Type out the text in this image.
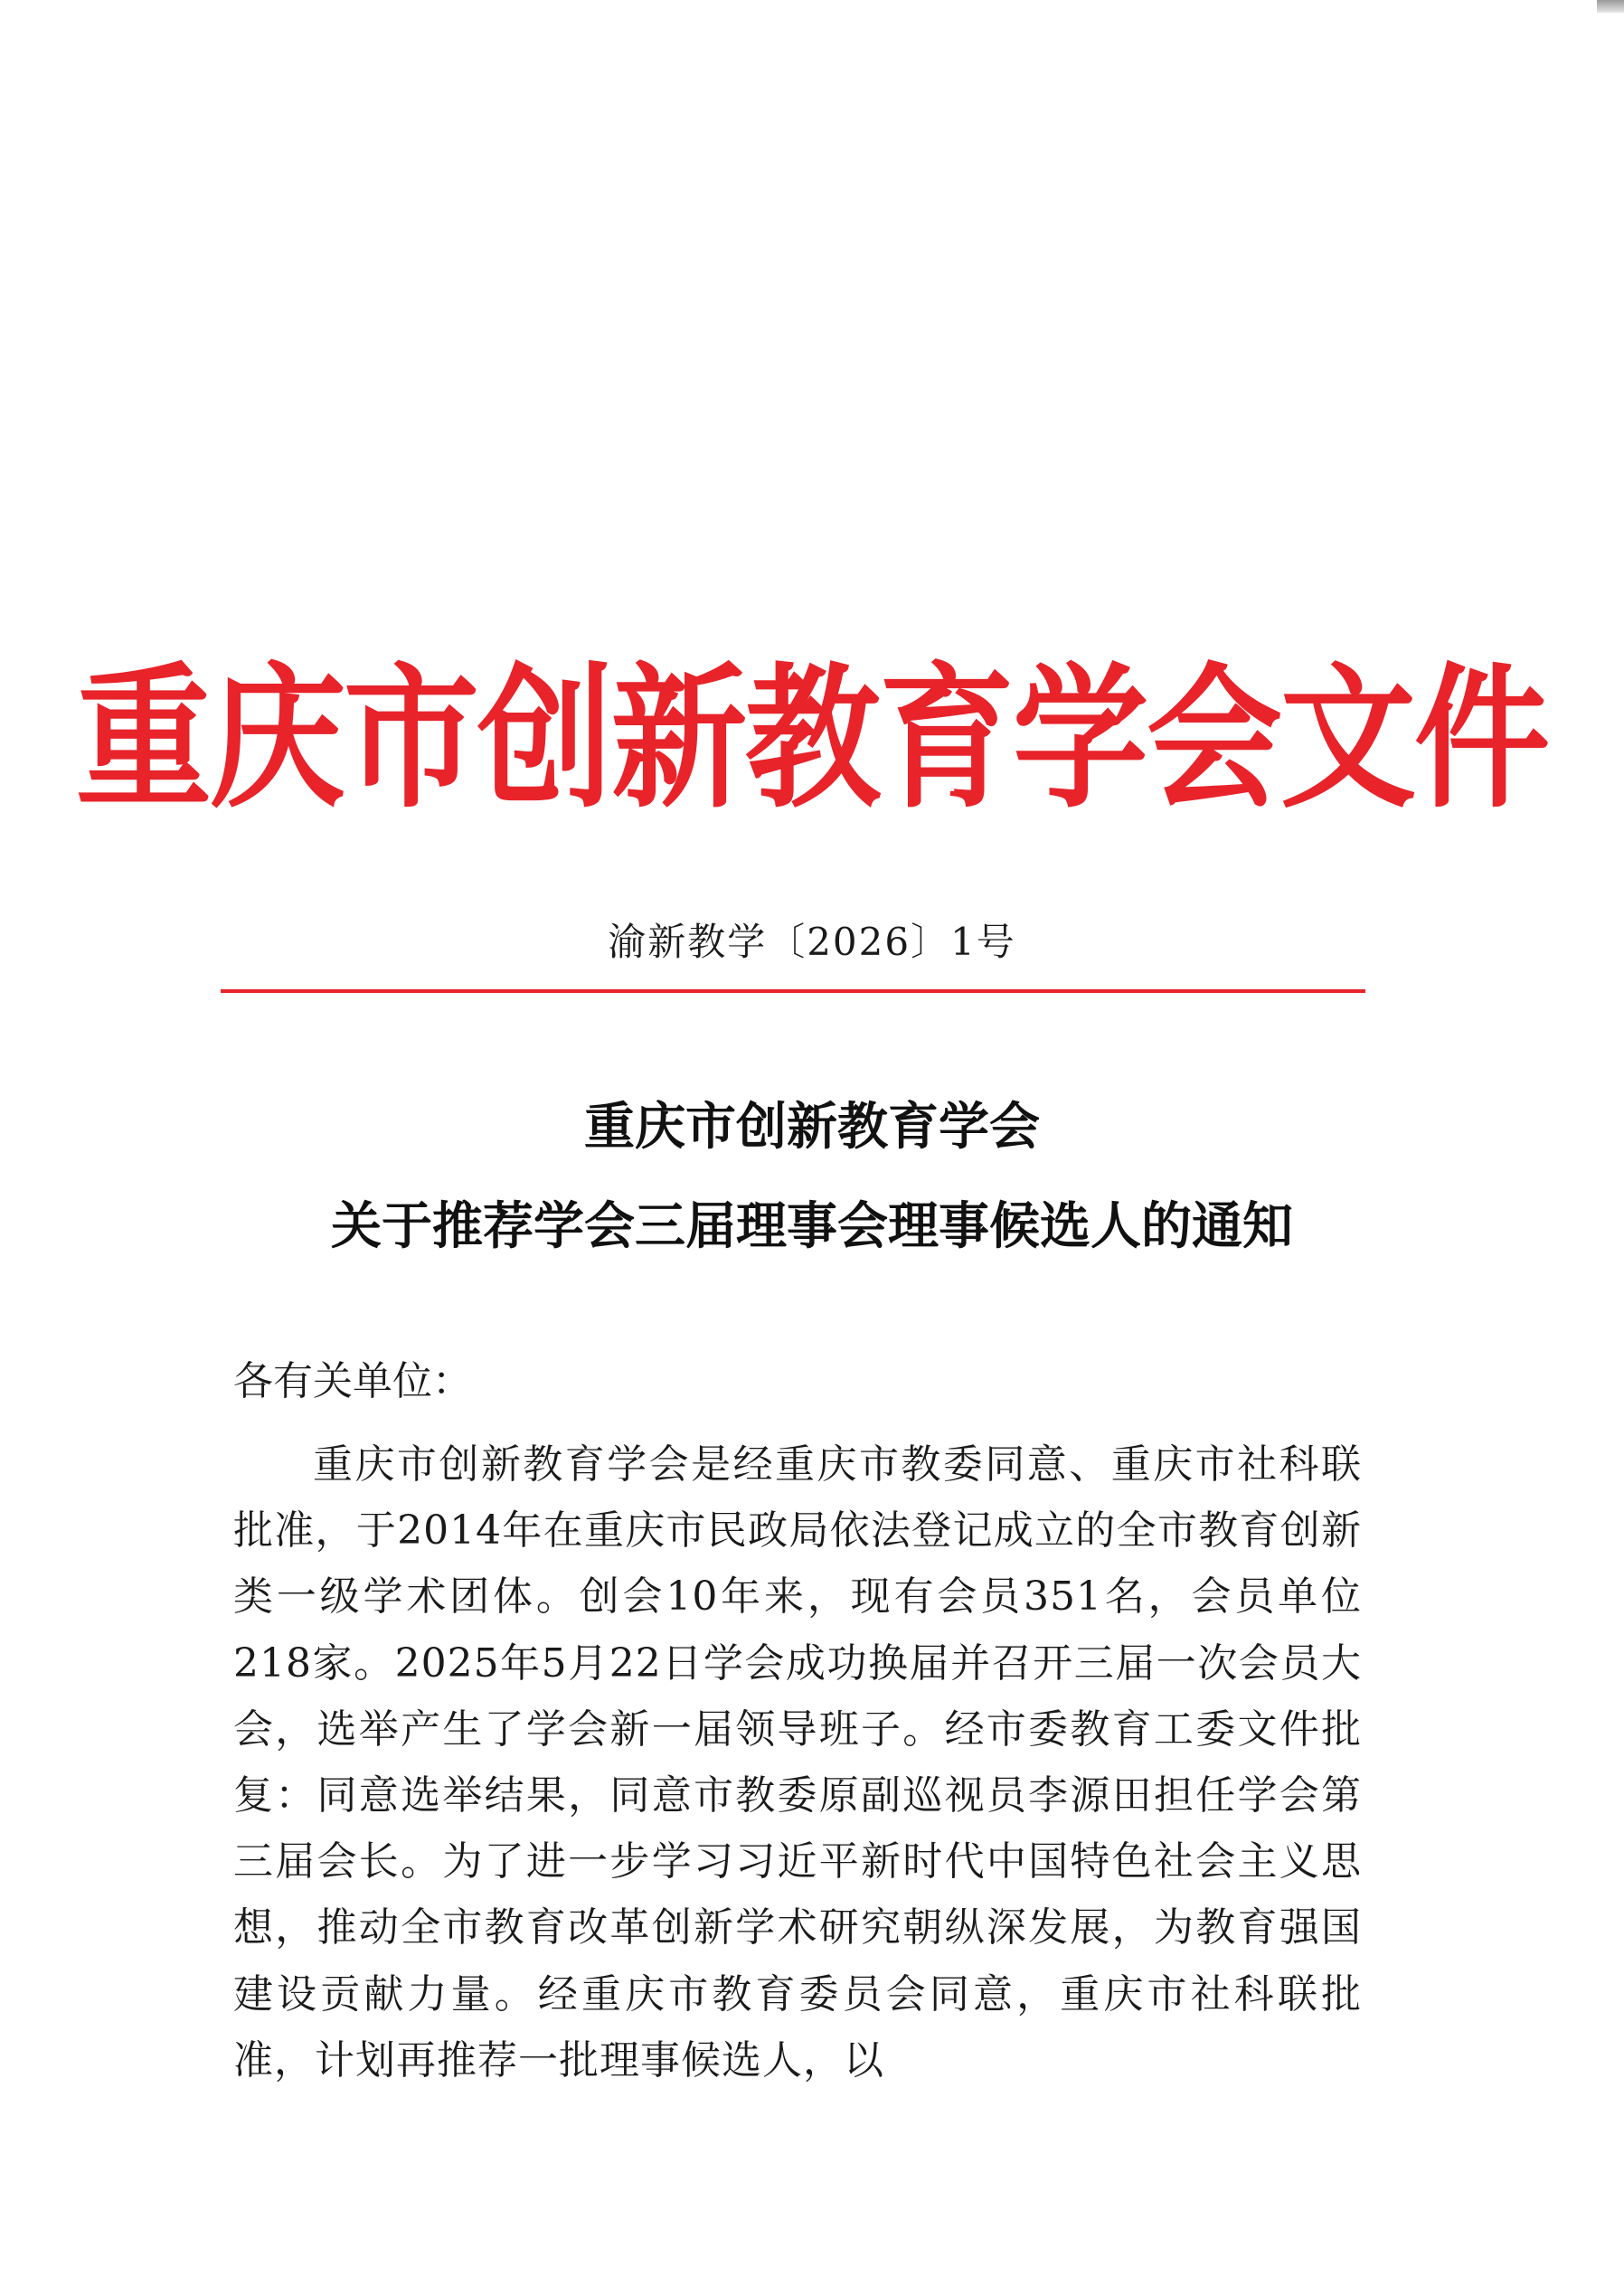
重庆市创新教育学会文件
渝新教学〔2026〕1号
重庆市创新教育学会
关于推荐学会三届理事会理事候选人的通知
各有关单位：
重庆市创新教育学会是经重庆市教委同意、重庆市社科联批准，于2014年在重庆市民政局依法登记成立的全市教育创新类一级学术团体。创会10年来，现有会员351名，会员单位218家。2025年5月22日学会成功换届并召开三届一次会员大会，选举产生了学会新一届领导班子。经市委教育工委文件批复：同意选举结果，同意市教委原副巡视员李源田担任学会第三届会长。为了进一步学习习近平新时代中国特色社会主义思想，推动全市教育改革创新学术研究朝纵深发展，为教育强国建设贡献力量。经重庆市教育委员会同意，重庆市社科联批准，计划再推荐一批理事候选人，以
